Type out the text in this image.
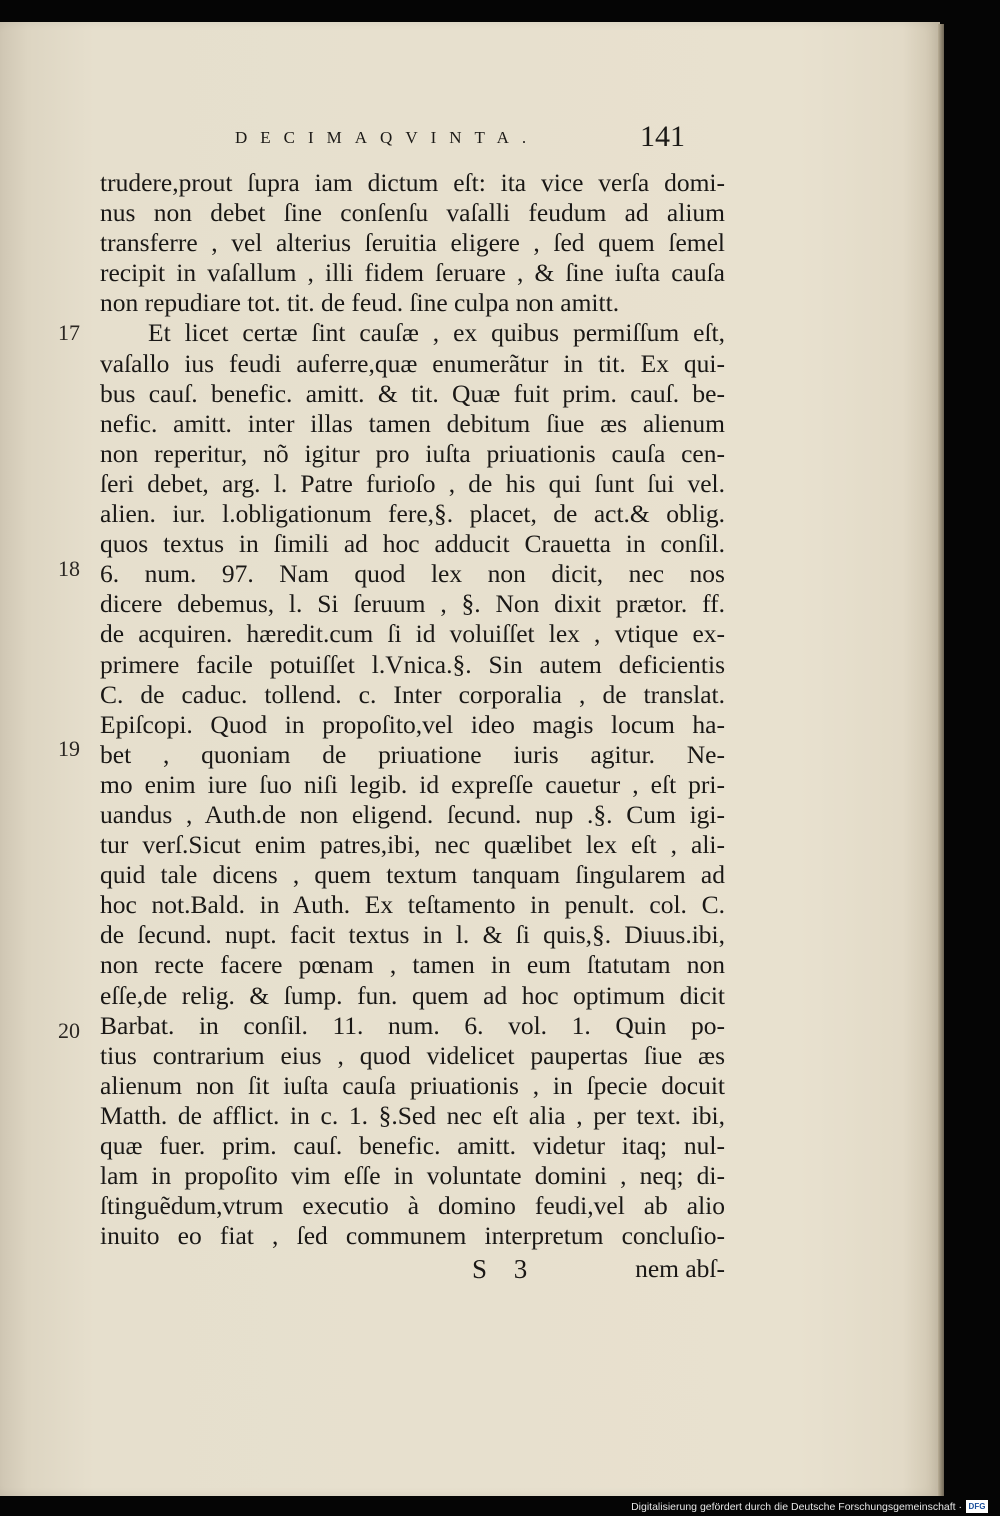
DECIMAQVINTA.	141
17
18
19
20
trudere,prout ſupra iam dictum eſt: ita vice verſa domi-
nus non debet ſine conſenſu vaſalli feudum ad alium
transferre , vel alterius ſeruitia eligere , ſed quem ſemel
recipit in vaſallum , illi fidem ſeruare , & ſine iuſta cauſa
non repudiare tot. tit. de feud. ſine culpa non amitt.
Et licet certæ ſint cauſæ , ex quibus permiſſum eſt,
vaſallo ius feudi auferre,quæ enumerãtur in tit. Ex qui-
bus cauſ. benefic. amitt. & tit. Quæ fuit prim. cauſ. be-
nefic. amitt. inter illas tamen debitum ſiue æs alienum
non reperitur, nõ igitur pro iuſta priuationis cauſa cen-
ſeri debet, arg. l. Patre furioſo , de his qui ſunt ſui vel.
alien. iur. l.obligationum fere,§. placet, de act.& oblig.
quos textus in ſimili ad hoc adducit Crauetta in conſil.
6. num. 97. Nam quod lex non dicit, nec nos
dicere debemus, l. Si ſeruum , §. Non dixit prætor. ff.
de acquiren. hæredit.cum ſi id voluiſſet lex , vtique ex-
primere facile potuiſſet l.Vnica.§. Sin autem deficientis
C. de caduc. tollend. c. Inter corporalia , de translat.
Epiſcopi. Quod in propoſito,vel ideo magis locum ha-
bet , quoniam de priuatione iuris agitur. Ne-
mo enim iure ſuo niſi legib. id expreſſe cauetur , eſt pri-
uandus , Auth.de non eligend. ſecund. nup .§. Cum igi-
tur verſ.Sicut enim patres,ibi, nec quælibet lex eſt , ali-
quid tale dicens , quem textum tanquam ſingularem ad
hoc not.Bald. in Auth. Ex teſtamento in penult. col. C.
de ſecund. nupt. facit textus in l. & ſi quis,§. Diuus.ibi,
non recte facere pœnam , tamen in eum ſtatutam non
eſſe,de relig. & ſump. fun. quem ad hoc optimum dicit
Barbat. in conſil. 11. num. 6. vol. 1. Quin po-
tius contrarium eius , quod videlicet paupertas ſiue æs
alienum non ſit iuſta cauſa priuationis , in ſpecie docuit
Matth. de afflict. in c. 1. §.Sed nec eſt alia , per text. ibi,
quæ fuer. prim. cauſ. benefic. amitt. videtur itaq; nul-
lam in propoſito vim eſſe in voluntate domini , neq; di-
ſtinguẽdum,vtrum executio à domino feudi,vel ab alio
inuito eo fiat , ſed communem interpretum concluſio-
S 3	nem abſ-
Digitalisierung gefördert durch die Deutsche Forschungsgemeinschaft · DFG
